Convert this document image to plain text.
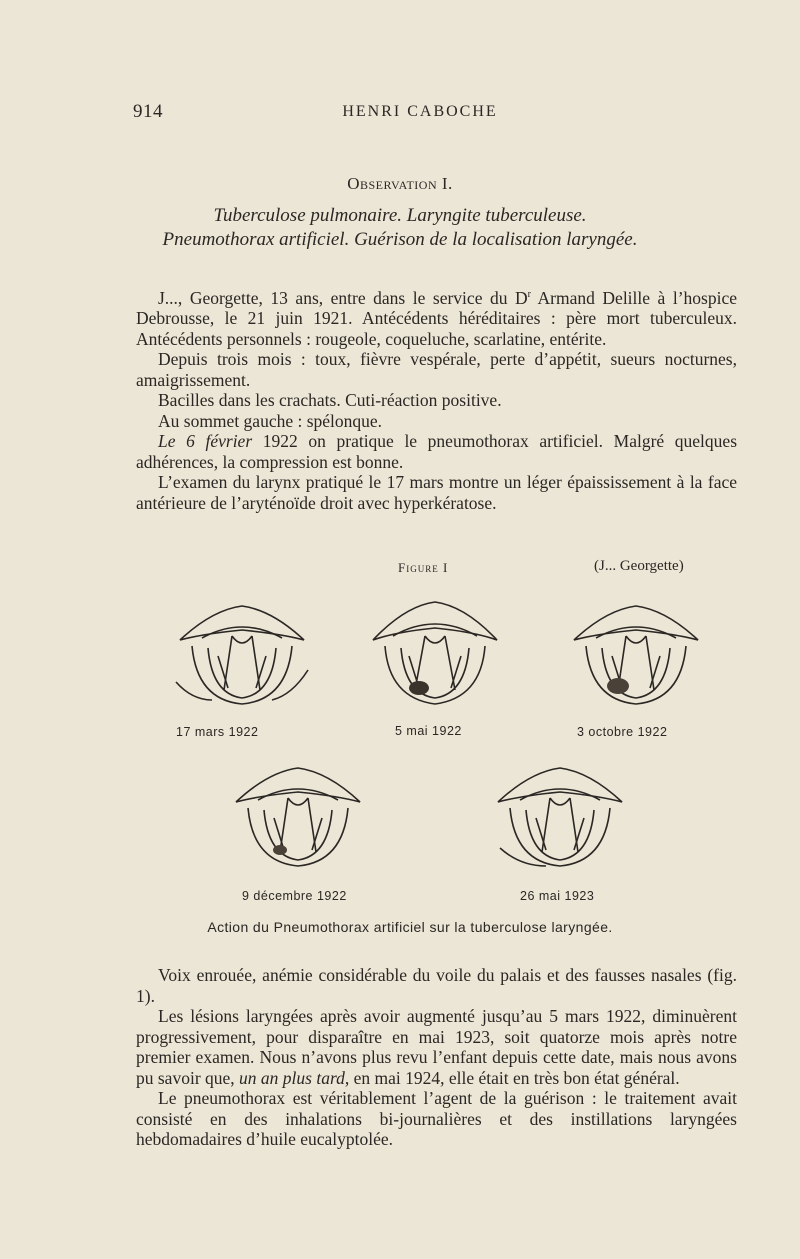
914	HENRI CABOCHE
Observation I.
Tuberculose pulmonaire. Laryngite tuberculeuse.
Pneumothorax artificiel. Guérison de la localisation laryngée.

J..., Georgette, 13 ans, entre dans le service du $D^r$ Armand Delille à l’hospice Debrousse, le 21 juin 1921. Antécédents héréditaires : père mort tuberculeux. Antécédents personnels : rougeole, coqueluche, scarlatine, entérite.

Depuis trois mois : toux, fièvre vespérale, perte d’appétit, sueurs nocturnes, amaigrissement.

Bacilles dans les crachats. Cuti-réaction positive.

Au sommet gauche : spélonque.

Le 6 février 1922 on pratique le pneumothorax artificiel. Malgré quelques adhérences, la compression est bonne.

L’examen du larynx pratiqué le 17 mars montre un léger épaississement à la face antérieure de l’aryténoïde droit avec hyperkératose.

Figure I	(J... Georgette)
17 mars 1922	5 mai 1922	3 octobre 1922
9 décembre 1922	26 mai 1923
Action du Pneumothorax artificiel sur la tuberculose laryngée.

Voix enrouée, anémie considérable du voile du palais et des fausses nasales (fig. 1).

Les lésions laryngées après avoir augmenté jusqu’au 5 mars 1922, diminuèrent progressivement, pour disparaître en mai 1923, soit quatorze mois après notre premier examen. Nous n’avons plus revu l’enfant depuis cette date, mais nous avons pu savoir que, un an plus tard, en mai 1924, elle était en très bon état général.

Le pneumothorax est véritablement l’agent de la guérison : le traitement avait consisté en des inhalations bi-journalières et des instillations laryngées hebdomadaires d’huile eucalyptolée.
